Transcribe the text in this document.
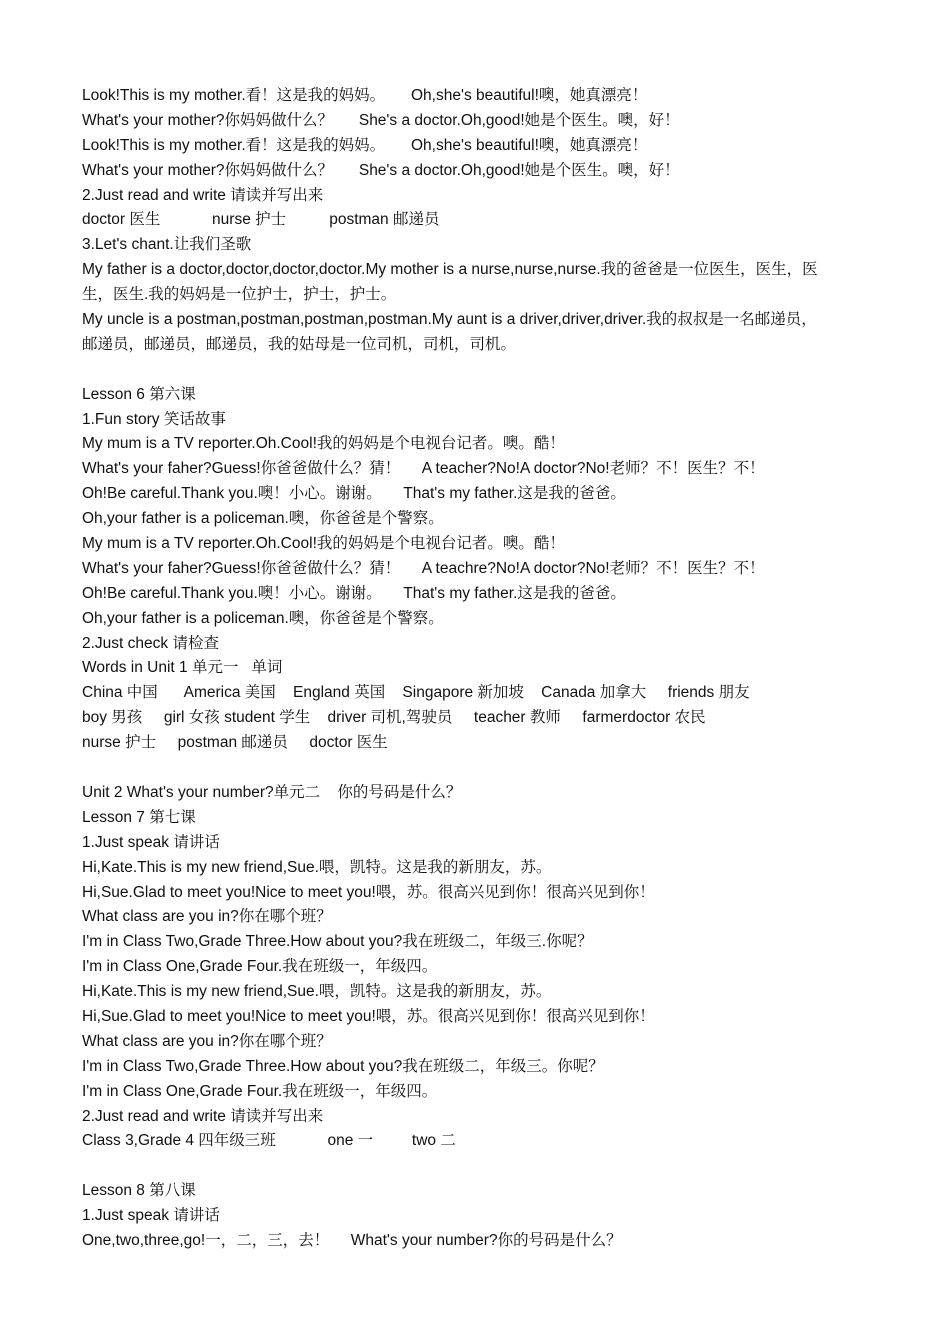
Look!This is my mother.看！这是我的妈妈。      Oh,she's beautiful!噢，她真漂亮！
What's your mother?你妈妈做什么？      She's a doctor.Oh,good!她是个医生。噢，好！
Look!This is my mother.看！这是我的妈妈。      Oh,she's beautiful!噢，她真漂亮！
What's your mother?你妈妈做什么？      She's a doctor.Oh,good!她是个医生。噢，好！
2.Just read and write 请读并写出来
doctor 医生            nurse 护士          postman 邮递员
3.Let's chant.让我们圣歌
My father is a doctor,doctor,doctor,doctor.My mother is a nurse,nurse,nurse.我的爸爸是一位医生，医生，医
生，医生.我的妈妈是一位护士，护士，护士。
My uncle is a postman,postman,postman,postman.My aunt is a driver,driver,driver.我的叔叔是一名邮递员，
邮递员，邮递员，邮递员，我的姑母是一位司机，司机，司机。
Lesson 6 第六课
1.Fun story 笑话故事
My mum is a TV reporter.Oh.Cool!我的妈妈是个电视台记者。噢。酷！
What's your faher?Guess!你爸爸做什么？猜！     A teacher?No!A doctor?No!老师？不！医生？不！
Oh!Be careful.Thank you.噢！小心。谢谢。     That's my father.这是我的爸爸。
Oh,your father is a policeman.噢，你爸爸是个警察。
My mum is a TV reporter.Oh.Cool!我的妈妈是个电视台记者。噢。酷！
What's your faher?Guess!你爸爸做什么？猜！     A teachre?No!A doctor?No!老师？不！医生？不！
Oh!Be careful.Thank you.噢！小心。谢谢。     That's my father.这是我的爸爸。
Oh,your father is a policeman.噢，你爸爸是个警察。
2.Just check 请检查
Words in Unit 1 单元一   单词
China 中国      America 美国    England 英国    Singapore 新加坡    Canada 加拿大     friends 朋友
boy 男孩     girl 女孩 student 学生    driver 司机,驾驶员     teacher 教师     farmerdoctor 农民
nurse 护士     postman 邮递员     doctor 医生
Unit 2 What's your number?单元二    你的号码是什么？
Lesson 7 第七课
1.Just speak 请讲话
Hi,Kate.This is my new friend,Sue.喂，凯特。这是我的新朋友，苏。
Hi,Sue.Glad to meet you!Nice to meet you!喂，苏。很高兴见到你！很高兴见到你！
What class are you in?你在哪个班？
I'm in Class Two,Grade Three.How about you?我在班级二，年级三.你呢？
I'm in Class One,Grade Four.我在班级一，年级四。
Hi,Kate.This is my new friend,Sue.喂，凯特。这是我的新朋友，苏。
Hi,Sue.Glad to meet you!Nice to meet you!喂，苏。很高兴见到你！很高兴见到你！
What class are you in?你在哪个班？
I'm in Class Two,Grade Three.How about you?我在班级二，年级三。你呢？
I'm in Class One,Grade Four.我在班级一，年级四。
2.Just read and write 请读并写出来
Class 3,Grade 4 四年级三班            one 一         two 二
Lesson 8 第八课
1.Just speak 请讲话
One,two,three,go!一，二，三，去！     What's your number?你的号码是什么？
